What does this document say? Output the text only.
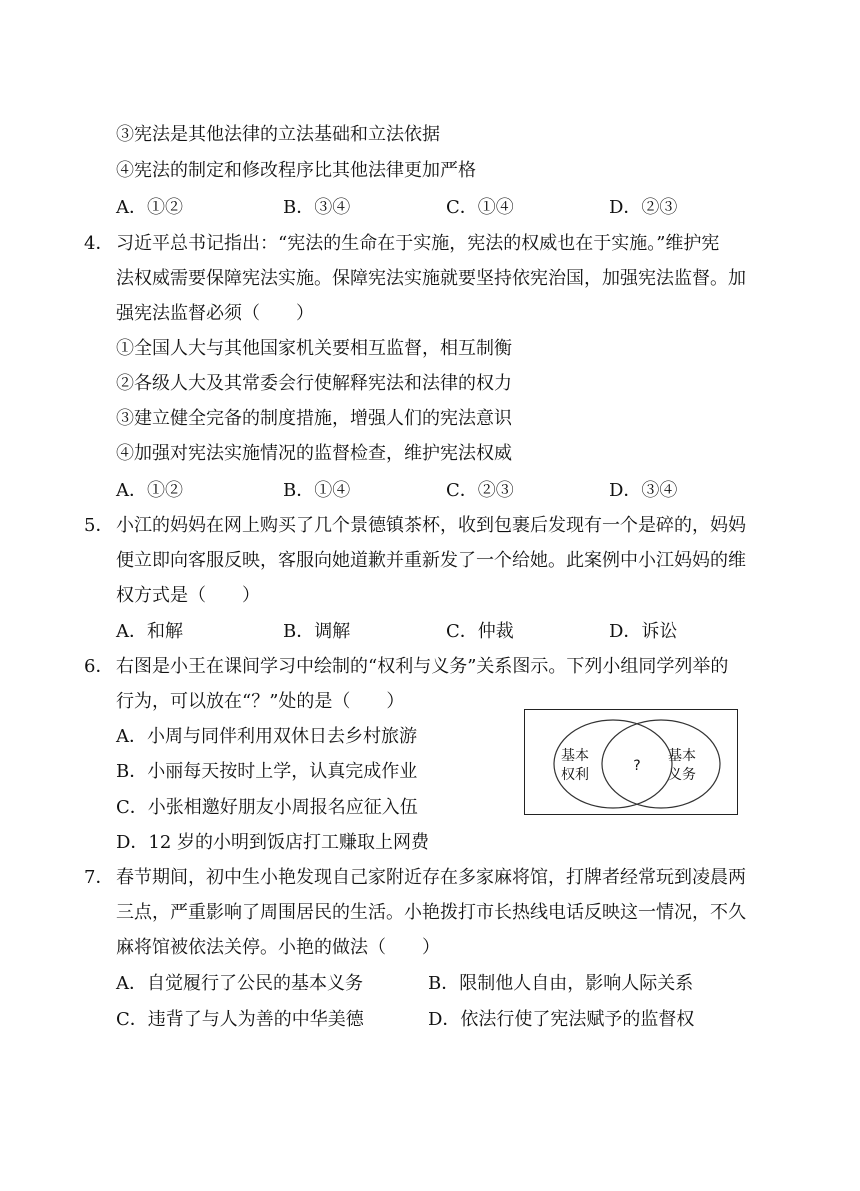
③宪法是其他法律的立法基础和立法依据
④宪法的制定和修改程序比其他法律更加严格
A．①②	B．③④	C．①④	D．②③
4． 习近平总书记指出：“宪法的生命在于实施，宪法的权威也在于实施。”维护宪
法权威需要保障宪法实施。保障宪法实施就要坚持依宪治国，加强宪法监督。加
强宪法监督必须（　　）
①全国人大与其他国家机关要相互监督，相互制衡
②各级人大及其常委会行使解释宪法和法律的权力
③建立健全完备的制度措施，增强人们的宪法意识
④加强对宪法实施情况的监督检查，维护宪法权威
A．①②	B．①④	C．②③	D．③④
5． 小江的妈妈在网上购买了几个景德镇茶杯，收到包裹后发现有一个是碎的，妈妈
便立即向客服反映，客服向她道歉并重新发了一个给她。此案例中小江妈妈的维
权方式是（　　）
A．和解	B．调解	C．仲裁	D．诉讼
6． 右图是小王在课间学习中绘制的“权利与义务”关系图示。下列小组同学列举的
行为，可以放在“？”处的是（　　）
A．小周与同伴利用双休日去乡村旅游
B．小丽每天按时上学，认真完成作业
C．小张相邀好朋友小周报名应征入伍
D．12 岁的小明到饭店打工赚取上网费
基本
权利
?
基本
义务
7． 春节期间，初中生小艳发现自己家附近存在多家麻将馆，打牌者经常玩到凌晨两
三点，严重影响了周围居民的生活。小艳拨打市长热线电话反映这一情况，不久
麻将馆被依法关停。小艳的做法（　　）
A．自觉履行了公民的基本义务	B．限制他人自由，影响人际关系
C．违背了与人为善的中华美德	D．依法行使了宪法赋予的监督权
